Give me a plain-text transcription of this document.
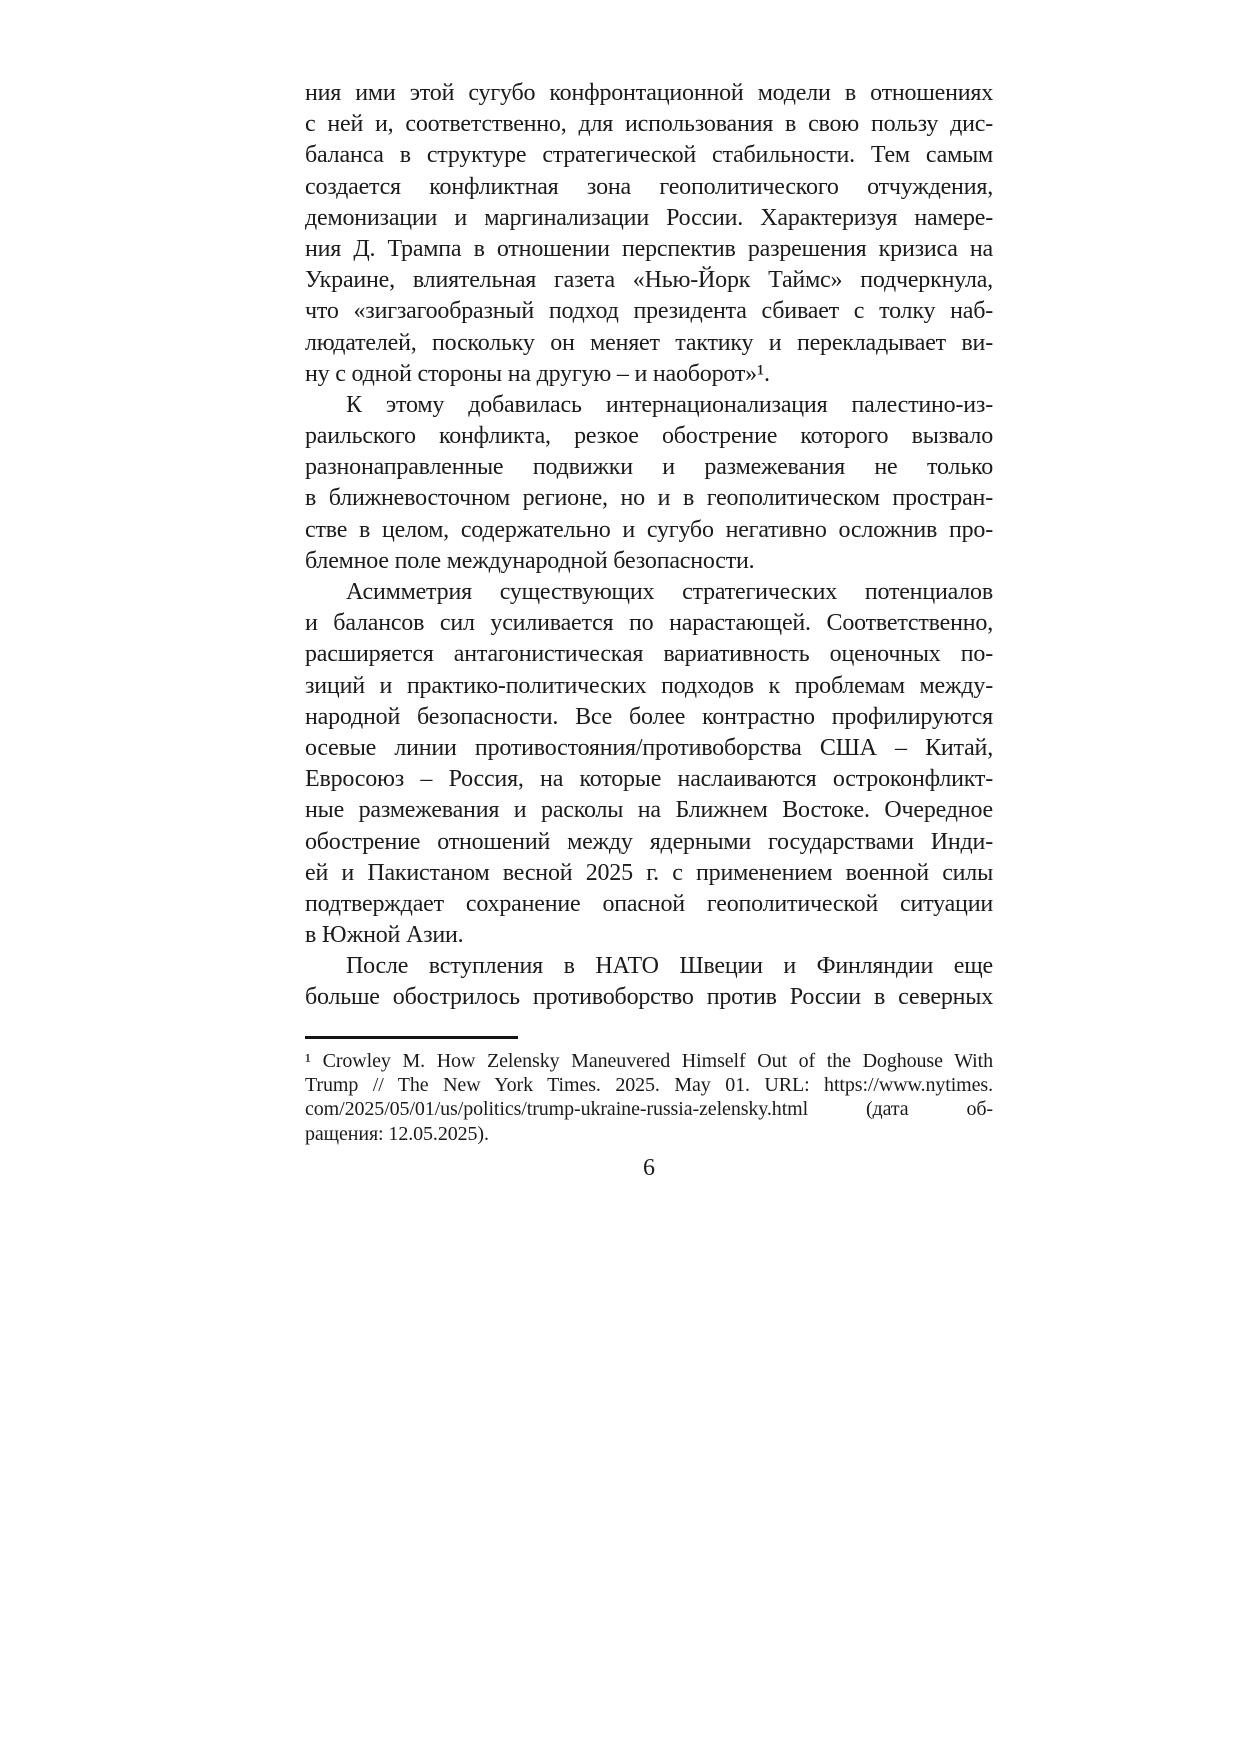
ния ими этой сугубо конфронтационной модели в отношениях
с ней и, соответственно, для использования в свою пользу дис-
баланса в структуре стратегической стабильности. Тем самым
создается конфликтная зона геополитического отчуждения,
демонизации и маргинализации России. Характеризуя намере-
ния Д. Трампа в отношении перспектив разрешения кризиса на
Украине, влиятельная газета «Нью-Йорк Таймс» подчеркнула,
что «зигзагообразный подход президента сбивает с толку наб-
людателей, поскольку он меняет тактику и перекладывает ви-
ну с одной стороны на другую – и наоборот»¹.
К этому добавилась интернационализация палестино-из-
раильского конфликта, резкое обострение которого вызвало
разнонаправленные подвижки и размежевания не только
в ближневосточном регионе, но и в геополитическом простран-
стве в целом, содержательно и сугубо негативно осложнив про-
блемное поле международной безопасности.
Асимметрия существующих стратегических потенциалов
и балансов сил усиливается по нарастающей. Соответственно,
расширяется антагонистическая вариативность оценочных по-
зиций и практико-политических подходов к проблемам между-
народной безопасности. Все более контрастно профилируются
осевые линии противостояния/противоборства США – Китай,
Евросоюз – Россия, на которые наслаиваются остроконфликт-
ные размежевания и расколы на Ближнем Востоке. Очередное
обострение отношений между ядерными государствами Инди-
ей и Пакистаном весной 2025 г. с применением военной силы
подтверждает сохранение опасной геополитической ситуации
в Южной Азии.
После вступления в НАТО Швеции и Финляндии еще
больше обострилось противоборство против России в северных
¹ Crowley M. How Zelensky Maneuvered Himself Out of the Doghouse With
Trump // The New York Times. 2025. May 01. URL: https://www.nytimes.
com/2025/05/01/us/politics/trump-ukraine-russia-zelensky.html (дата об-
ращения: 12.05.2025).
6
